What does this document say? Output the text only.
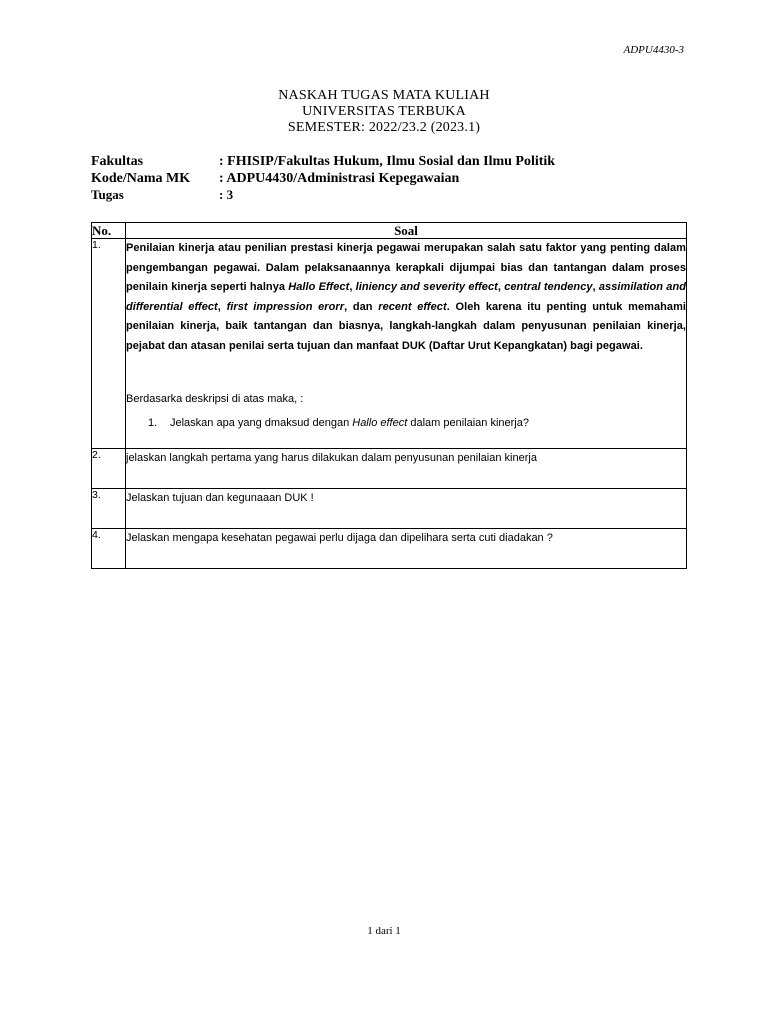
ADPU4430-3
NASKAH TUGAS MATA KULIAH
UNIVERSITAS TERBUKA
SEMESTER: 2022/23.2 (2023.1)
Fakultas	: FHISIP/Fakultas Hukum, Ilmu Sosial dan Ilmu Politik
Kode/Nama MK	: ADPU4430/Administrasi Kepegawaian
Tugas	: 3
No.	Soal
1.	Penilaian kinerja atau penilian prestasi kinerja pegawai merupakan salah satu faktor yang penting dalam pengembangan pegawai. Dalam pelaksanaannya kerapkali dijumpai bias dan tantangan dalam proses penilain kinerja seperti halnya Hallo Effect, liniency and severity effect, central tendency, assimilation and differential effect, first impression erorr, dan recent effect. Oleh karena itu penting untuk memahami penilaian kinerja, baik tantangan dan biasnya, langkah-langkah dalam penyusunan penilaian kinerja, pejabat dan atasan penilai serta tujuan dan manfaat DUK (Daftar Urut Kepangkatan) bagi pegawai.

Berdasarka deskripsi di atas maka, :

1. Jelaskan apa yang dmaksud dengan Hallo effect dalam penilaian kinerja?

2.	jelaskan langkah pertama yang harus dilakukan dalam penyusunan penilaian kinerja
3.	Jelaskan tujuan dan kegunaaan DUK !
4.	Jelaskan mengapa kesehatan pegawai perlu dijaga dan dipelihara serta cuti diadakan ?
1 dari 1
